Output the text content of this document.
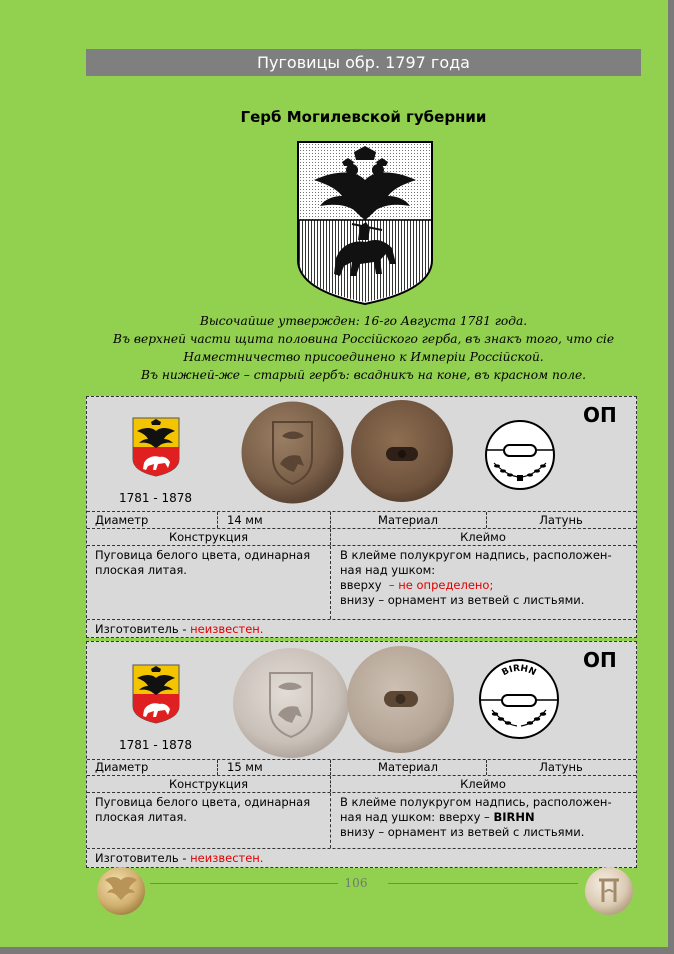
Пуговицы обр. 1797 года
Герб Могилевской губернии
Высочайше утвержден: 16-го Августа 1781 года.
Въ верхней части щита половина Россiйского герба, въ знакъ того, что сiе
Наместничество присоединено к Имперiи Россiйской.
Въ нижней-же – старый гербъ: всадникъ на коне, въ красном поле.
1781 - 1878
ОП
Диаметр	14 мм	Материал	Латунь
Конструкция	Клеймо
Пуговица белого цвета, одинарная плоская литая.
В клейме полукругом надпись, расположен-
ная над ушком:
вверху – не определено;
внизу – орнамент из ветвей с листьями.
Изготовитель - неизвестен.
1781 - 1878
ОП
BIRHN
Диаметр	15 мм	Материал	Латунь
Конструкция	Клеймо
Пуговица белого цвета, одинарная плоская литая.
В клейме полукругом надпись, расположен-
ная над ушком: вверху – BIRHN
внизу – орнамент из ветвей с листьями.
Изготовитель - неизвестен.
106
